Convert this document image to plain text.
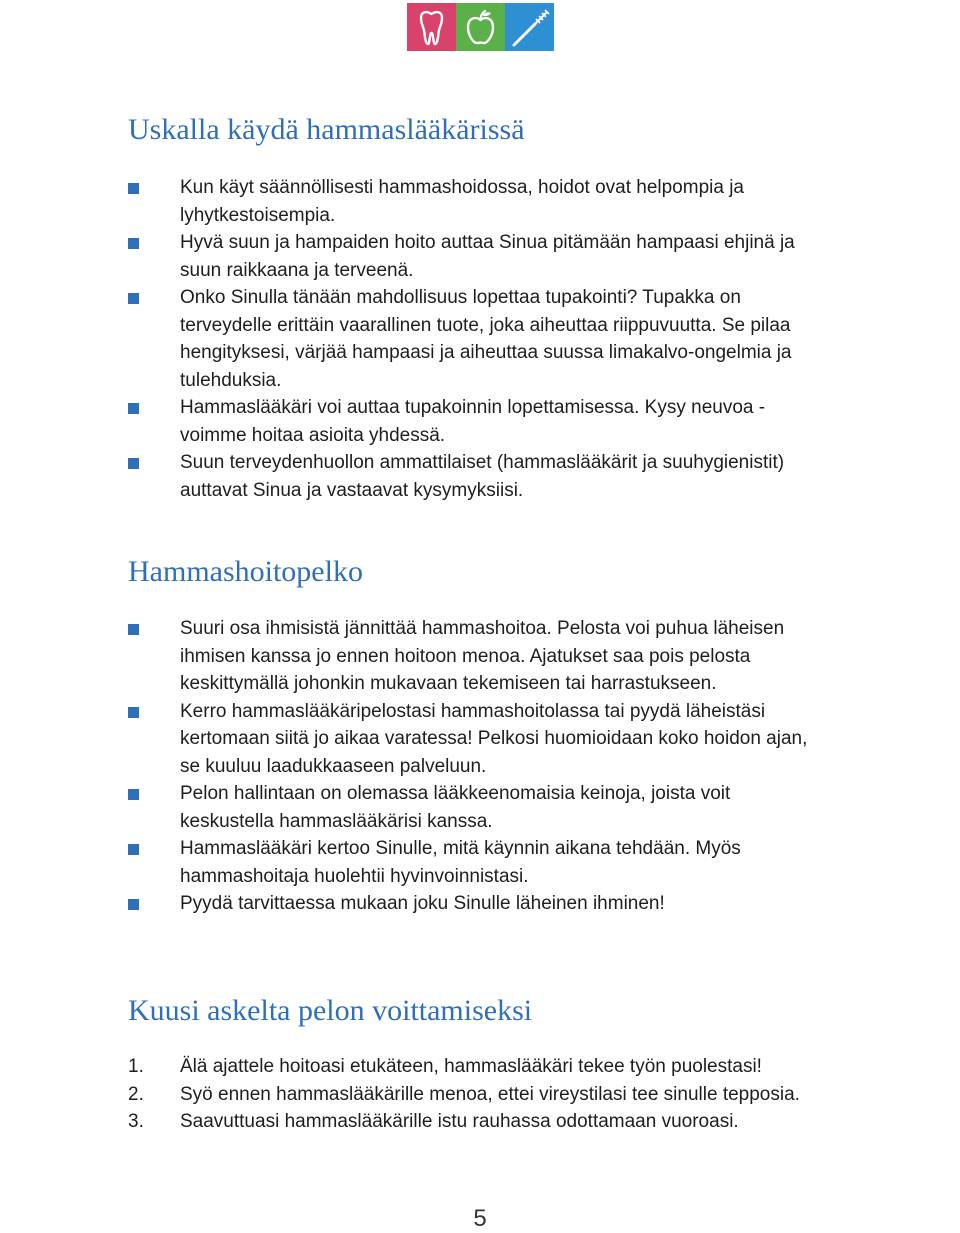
Uskalla käydä hammaslääkärissä
Kun käyt säännöllisesti hammashoidossa, hoidot ovat helpompia ja lyhytkestoisempia.
Hyvä suun ja hampaiden hoito auttaa Sinua pitämään hampaasi ehjinä ja suun raikkaana ja terveenä.
Onko Sinulla tänään mahdollisuus lopettaa tupakointi? Tupakka on terveydelle erittäin vaarallinen tuote, joka aiheuttaa riippuvuutta. Se pilaa hengityksesi, värjää hampaasi ja aiheuttaa suussa limakalvo-ongelmia ja tulehduksia.
Hammaslääkäri voi auttaa tupakoinnin lopettamisessa. Kysy neuvoa - voimme hoitaa asioita yhdessä.
Suun terveydenhuollon ammattilaiset (hammaslääkärit ja suuhygienistit) auttavat Sinua ja vastaavat kysymyksiisi.
Hammashoitopelko
Suuri osa ihmisistä jännittää hammashoitoa. Pelosta voi puhua läheisen ihmisen kanssa jo ennen hoitoon menoa. Ajatukset saa pois pelosta keskittymällä johonkin mukavaan tekemiseen tai harrastukseen.
Kerro hammaslääkäripelostasi hammashoitolassa tai pyydä läheistäsi kertomaan siitä jo aikaa varatessa! Pelkosi huomioidaan koko hoidon ajan, se kuuluu laadukkaaseen palveluun.
Pelon hallintaan on olemassa lääkkeenomaisia keinoja, joista voit keskustella hammaslääkärisi kanssa.
Hammaslääkäri kertoo Sinulle, mitä käynnin aikana tehdään. Myös hammashoitaja huolehtii hyvinvoinnistasi.
Pyydä tarvittaessa mukaan joku Sinulle läheinen ihminen!
Kuusi askelta pelon voittamiseksi
1. Älä ajattele hoitoasi etukäteen, hammaslääkäri tekee työn puolestasi!
2. Syö ennen hammaslääkärille menoa, ettei vireystilasi tee sinulle tepposia.
3. Saavuttuasi hammaslääkärille istu rauhassa odottamaan vuoroasi.
5
